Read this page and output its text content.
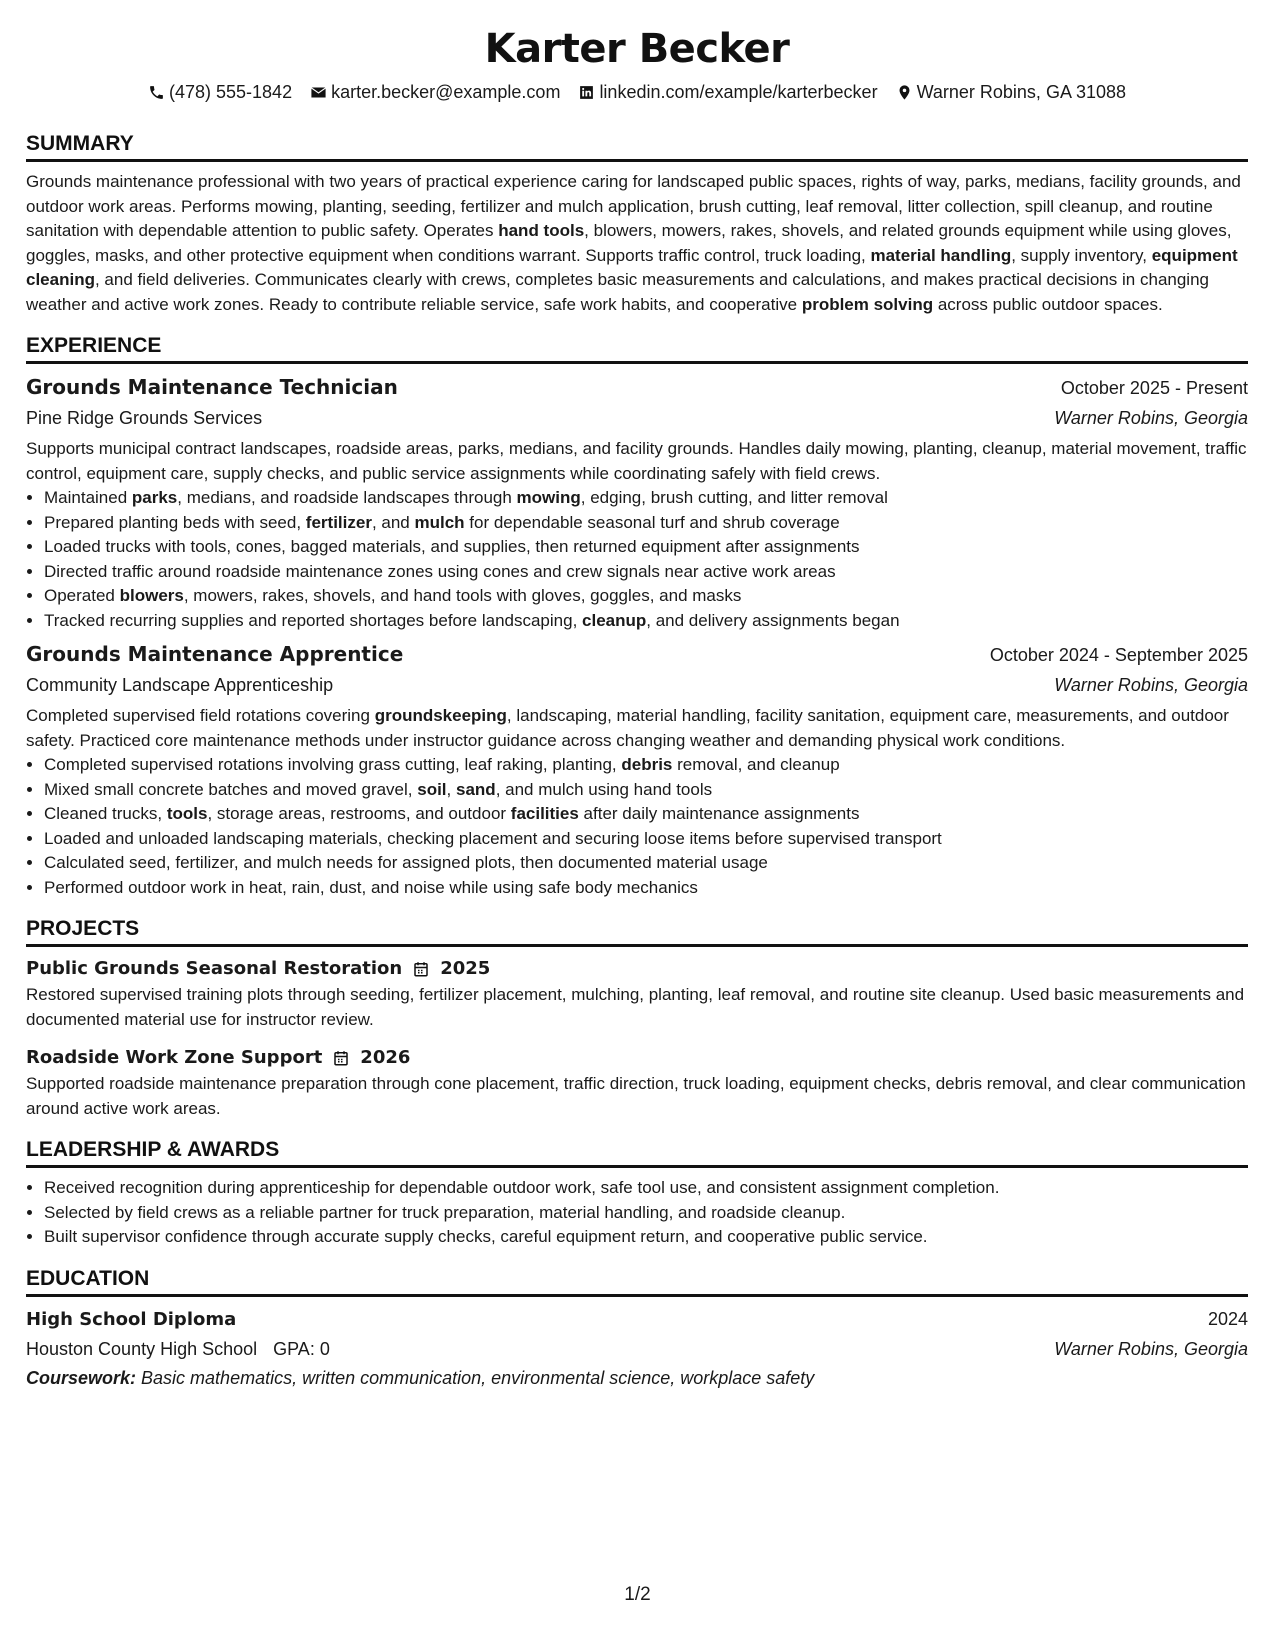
Karter Becker
(478) 555-1842 karter.becker@example.com linkedin.com/example/karterbecker Warner Robins, GA 31088
SUMMARY

Grounds maintenance professional with two years of practical experience caring for landscaped public spaces, rights of way, parks, medians, facility grounds, and outdoor work areas. Performs mowing, planting, seeding, fertilizer and mulch application, brush cutting, leaf removal, litter collection, spill cleanup, and routine sanitation with dependable attention to public safety. Operates hand tools, blowers, mowers, rakes, shovels, and related grounds equipment while using gloves, goggles, masks, and other protective equipment when conditions warrant. Supports traffic control, truck loading, material handling, supply inventory, equipment cleaning, and field deliveries. Communicates clearly with crews, completes basic measurements and calculations, and makes practical decisions in changing weather and active work zones. Ready to contribute reliable service, safe work habits, and cooperative problem solving across public outdoor spaces.

EXPERIENCE
Grounds Maintenance Technician	October 2025 - Present
Pine Ridge Grounds Services	Warner Robins, Georgia

Supports municipal contract landscapes, roadside areas, parks, medians, and facility grounds. Handles daily mowing, planting, cleanup, material movement, traffic control, equipment care, supply checks, and public service assignments while coordinating safely with field crews.

• Maintained parks, medians, and roadside landscapes through mowing, edging, brush cutting, and litter removal
• Prepared planting beds with seed, fertilizer, and mulch for dependable seasonal turf and shrub coverage
• Loaded trucks with tools, cones, bagged materials, and supplies, then returned equipment after assignments
• Directed traffic around roadside maintenance zones using cones and crew signals near active work areas
• Operated blowers, mowers, rakes, shovels, and hand tools with gloves, goggles, and masks
• Tracked recurring supplies and reported shortages before landscaping, cleanup, and delivery assignments began
Grounds Maintenance Apprentice	October 2024 - September 2025
Community Landscape Apprenticeship	Warner Robins, Georgia

Completed supervised field rotations covering groundskeeping, landscaping, material handling, facility sanitation, equipment care, measurements, and outdoor safety. Practiced core maintenance methods under instructor guidance across changing weather and demanding physical work conditions.

• Completed supervised rotations involving grass cutting, leaf raking, planting, debris removal, and cleanup
• Mixed small concrete batches and moved gravel, soil, sand, and mulch using hand tools
• Cleaned trucks, tools, storage areas, restrooms, and outdoor facilities after daily maintenance assignments
• Loaded and unloaded landscaping materials, checking placement and securing loose items before supervised transport
• Calculated seed, fertilizer, and mulch needs for assigned plots, then documented material usage
• Performed outdoor work in heat, rain, dust, and noise while using safe body mechanics
PROJECTS
Public Grounds Seasonal Restoration 2025

Restored supervised training plots through seeding, fertilizer placement, mulching, planting, leaf removal, and routine site cleanup. Used basic measurements and documented material use for instructor review.

Roadside Work Zone Support 2026

Supported roadside maintenance preparation through cone placement, traffic direction, truck loading, equipment checks, debris removal, and clear communication around active work areas.

LEADERSHIP & AWARDS
• Received recognition during apprenticeship for dependable outdoor work, safe tool use, and consistent assignment completion.
• Selected by field crews as a reliable partner for truck preparation, material handling, and roadside cleanup.
• Built supervisor confidence through accurate supply checks, careful equipment return, and cooperative public service.
EDUCATION
High School Diploma	2024
Houston County High School GPA: 0	Warner Robins, Georgia
Coursework: Basic mathematics, written communication, environmental science, workplace safety
1/2
